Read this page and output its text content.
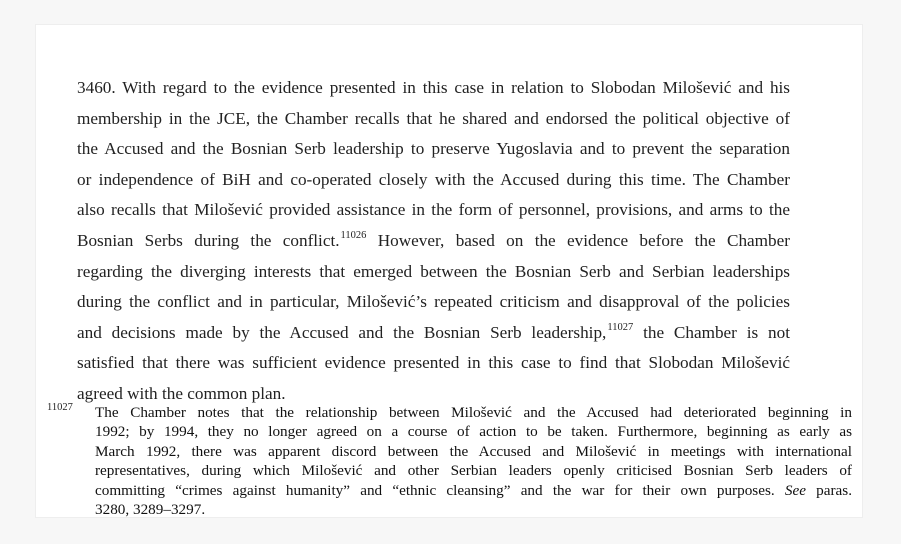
3460. With regard to the evidence presented in this case in relation to Slobodan Milošević and his
membership in the JCE, the Chamber recalls that he shared and endorsed the political objective of
the Accused and the Bosnian Serb leadership to preserve Yugoslavia and to prevent the separation
or independence of BiH and co-operated closely with the Accused during this time. The Chamber
also recalls that Milošević provided assistance in the form of personnel, provisions, and arms to the
Bosnian Serbs during the conflict.$^{11026}$ However, based on the evidence before the Chamber
regarding the diverging interests that emerged between the Bosnian Serb and Serbian leaderships
during the conflict and in particular, Milošević’s repeated criticism and disapproval of the policies
and decisions made by the Accused and the Bosnian Serb leadership,$^{11027}$ the Chamber is not
satisfied that there was sufficient evidence presented in this case to find that Slobodan Milošević
agreed with the common plan.
11027 The Chamber notes that the relationship between Milošević and the Accused had deteriorated beginning in
1992; by 1994, they no longer agreed on a course of action to be taken. Furthermore, beginning as early as
March 1992, there was apparent discord between the Accused and Milošević in meetings with international
representatives, during which Milošević and other Serbian leaders openly criticised Bosnian Serb leaders of
committing “crimes against humanity” and “ethnic cleansing” and the war for their own purposes. See paras.
3280, 3289–3297.
